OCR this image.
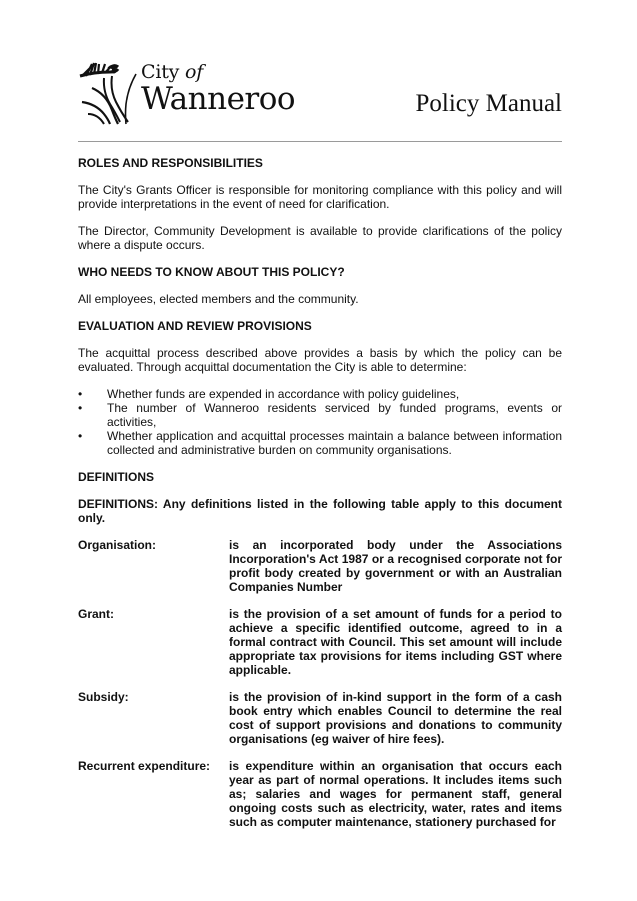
City of
Wanneroo	Policy Manual
ROLES AND RESPONSIBILITIES

The City's Grants Officer is responsible for monitoring compliance with this policy and will provide interpretations in the event of need for clarification.

The Director, Community Development is available to provide clarifications of the policy where a dispute occurs.

WHO NEEDS TO KNOW ABOUT THIS POLICY?

All employees, elected members and the community.

EVALUATION AND REVIEW PROVISIONS

The acquittal process described above provides a basis by which the policy can be evaluated. Through acquittal documentation the City is able to determine:

• Whether funds are expended in accordance with policy guidelines,
• The number of Wanneroo residents serviced by funded programs, events or activities,
• Whether application and acquittal processes maintain a balance between information collected and administrative burden on community organisations.
DEFINITIONS

DEFINITIONS: Any definitions listed in the following table apply to this document only.

Organisation:	is an incorporated body under the Associations Incorporation's Act 1987 or a recognised corporate not for profit body created by government or with an Australian Companies Number
Grant:	is the provision of a set amount of funds for a period to achieve a specific identified outcome, agreed to in a formal contract with Council. This set amount will include appropriate tax provisions for items including GST where applicable.
Subsidy:	is the provision of in-kind support in the form of a cash book entry which enables Council to determine the real cost of support provisions and donations to community organisations (eg waiver of hire fees).
Recurrent expenditure:	is expenditure within an organisation that occurs each year as part of normal operations. It includes items such as; salaries and wages for permanent staff, general ongoing costs such as electricity, water, rates and items such as computer maintenance, stationery purchased for
